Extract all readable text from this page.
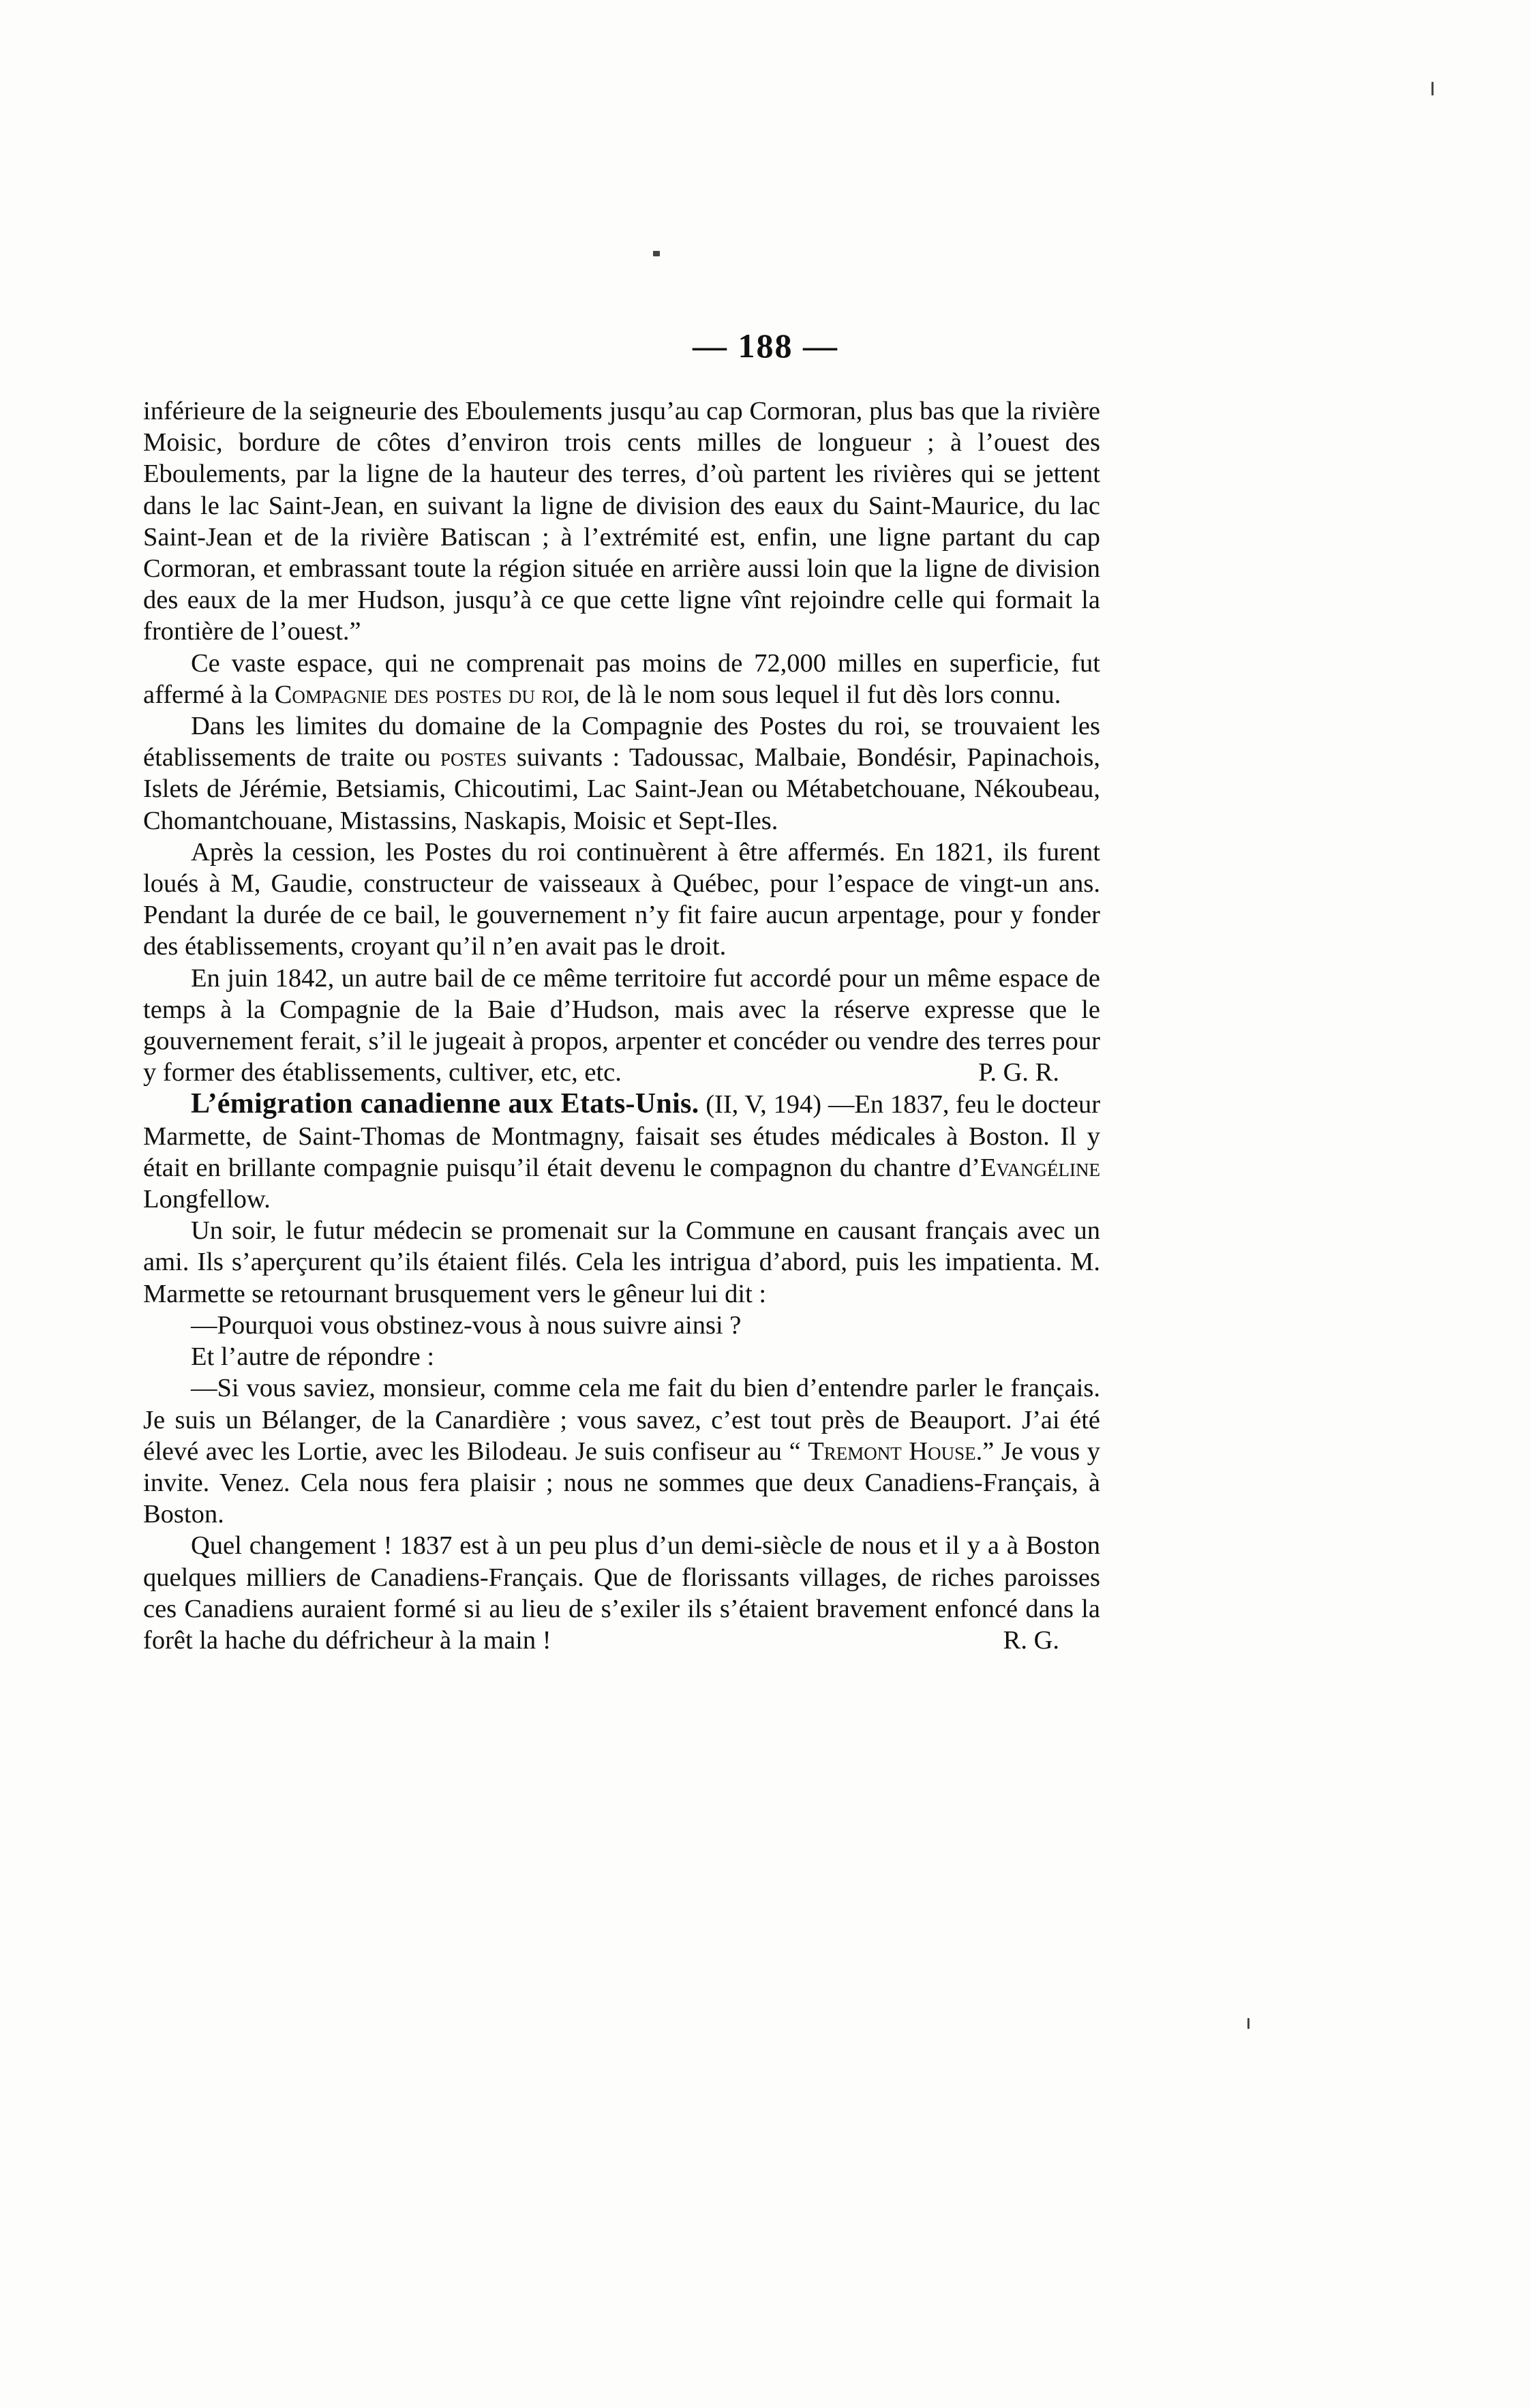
— 188 —

inférieure de la seigneurie des Eboulements jusqu’au cap Cormoran, plus bas que la rivière Moisic, bordure de côtes d’environ trois cents milles de longueur ; à l’ouest des Eboulements, par la ligne de la hauteur des terres, d’où partent les rivières qui se jettent dans le lac Saint-Jean, en suivant la ligne de division des eaux du Saint-Maurice, du lac Saint-Jean et de la rivière Batiscan ; à l’extrémité est, enfin, une ligne partant du cap Cormoran, et embrassant toute la région située en arrière aussi loin que la ligne de division des eaux de la mer Hudson, jusqu’à ce que cette ligne vînt rejoindre celle qui formait la frontière de l’ouest.”

Ce vaste espace, qui ne comprenait pas moins de 72,000 milles en superficie, fut affermé à la Compagnie des postes du roi, de là le nom sous lequel il fut dès lors connu.

Dans les limites du domaine de la Compagnie des Postes du roi, se trouvaient les établissements de traite ou postes suivants : Tadoussac, Malbaie, Bondésir, Papinachois, Islets de Jérémie, Betsiamis, Chicoutimi, Lac Saint-Jean ou Métabetchouane, Nékoubeau, Chomantchouane, Mistassins, Naskapis, Moisic et Sept-Iles.

Après la cession, les Postes du roi continuèrent à être affermés. En 1821, ils furent loués à M, Gaudie, constructeur de vaisseaux à Québec, pour l’espace de vingt-un ans. Pendant la durée de ce bail, le gouvernement n’y fit faire aucun arpentage, pour y fonder des établissements, croyant qu’il n’en avait pas le droit.

En juin 1842, un autre bail de ce même territoire fut accordé pour un même espace de temps à la Compagnie de la Baie d’Hudson, mais avec la réserve expresse que le gouvernement ferait, s’il le jugeait à propos, arpenter et concéder ou vendre des terres pour y former des établissements, cultiver, etc, etc.	P. G. R.

L’émigration canadienne aux Etats-Unis. (II, V, 194) —En 1837, feu le docteur Marmette, de Saint-Thomas de Montmagny, faisait ses études médicales à Boston. Il y était en brillante compagnie puisqu’il était devenu le compagnon du chantre d’Evangéline Longfellow.

Un soir, le futur médecin se promenait sur la Commune en causant français avec un ami. Ils s’aperçurent qu’ils étaient filés. Cela les intrigua d’abord, puis les impatienta. M. Marmette se retournant brusquement vers le gêneur lui dit :

—Pourquoi vous obstinez-vous à nous suivre ainsi ?

Et l’autre de répondre :

—Si vous saviez, monsieur, comme cela me fait du bien d’entendre parler le français. Je suis un Bélanger, de la Canardière ; vous savez, c’est tout près de Beauport. J’ai été élevé avec les Lortie, avec les Bilodeau. Je suis confiseur au “ Tremont House.” Je vous y invite. Venez. Cela nous fera plaisir ; nous ne sommes que deux Canadiens-Français, à Boston.

Quel changement ! 1837 est à un peu plus d’un demi-siècle de nous et il y a à Boston quelques milliers de Canadiens-Français. Que de florissants villages, de riches paroisses ces Canadiens auraient formé si au lieu de s’exiler ils s’étaient bravement enfoncé dans la forêt la hache du défricheur à la main !	R. G.
